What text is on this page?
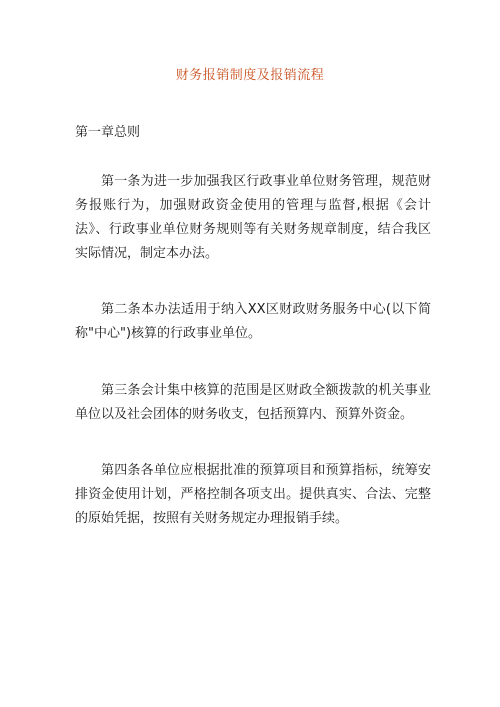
财务报销制度及报销流程
第一章总则

第一条为进一步加强我区行政事业单位财务管理，规范财务报账行为，加强财政资金使用的管理与监督,根据《会计法》、行政事业单位财务规则等有关财务规章制度，结合我区实际情况，制定本办法。

第二条本办法适用于纳入XX区财政财务服务中心(以下简称"中心")核算的行政事业单位。

第三条会计集中核算的范围是区财政全额拨款的机关事业单位以及社会团体的财务收支，包括预算内、预算外资金。

第四条各单位应根据批准的预算项目和预算指标，统筹安排资金使用计划，严格控制各项支出。提供真实、合法、完整的原始凭据，按照有关财务规定办理报销手续。
